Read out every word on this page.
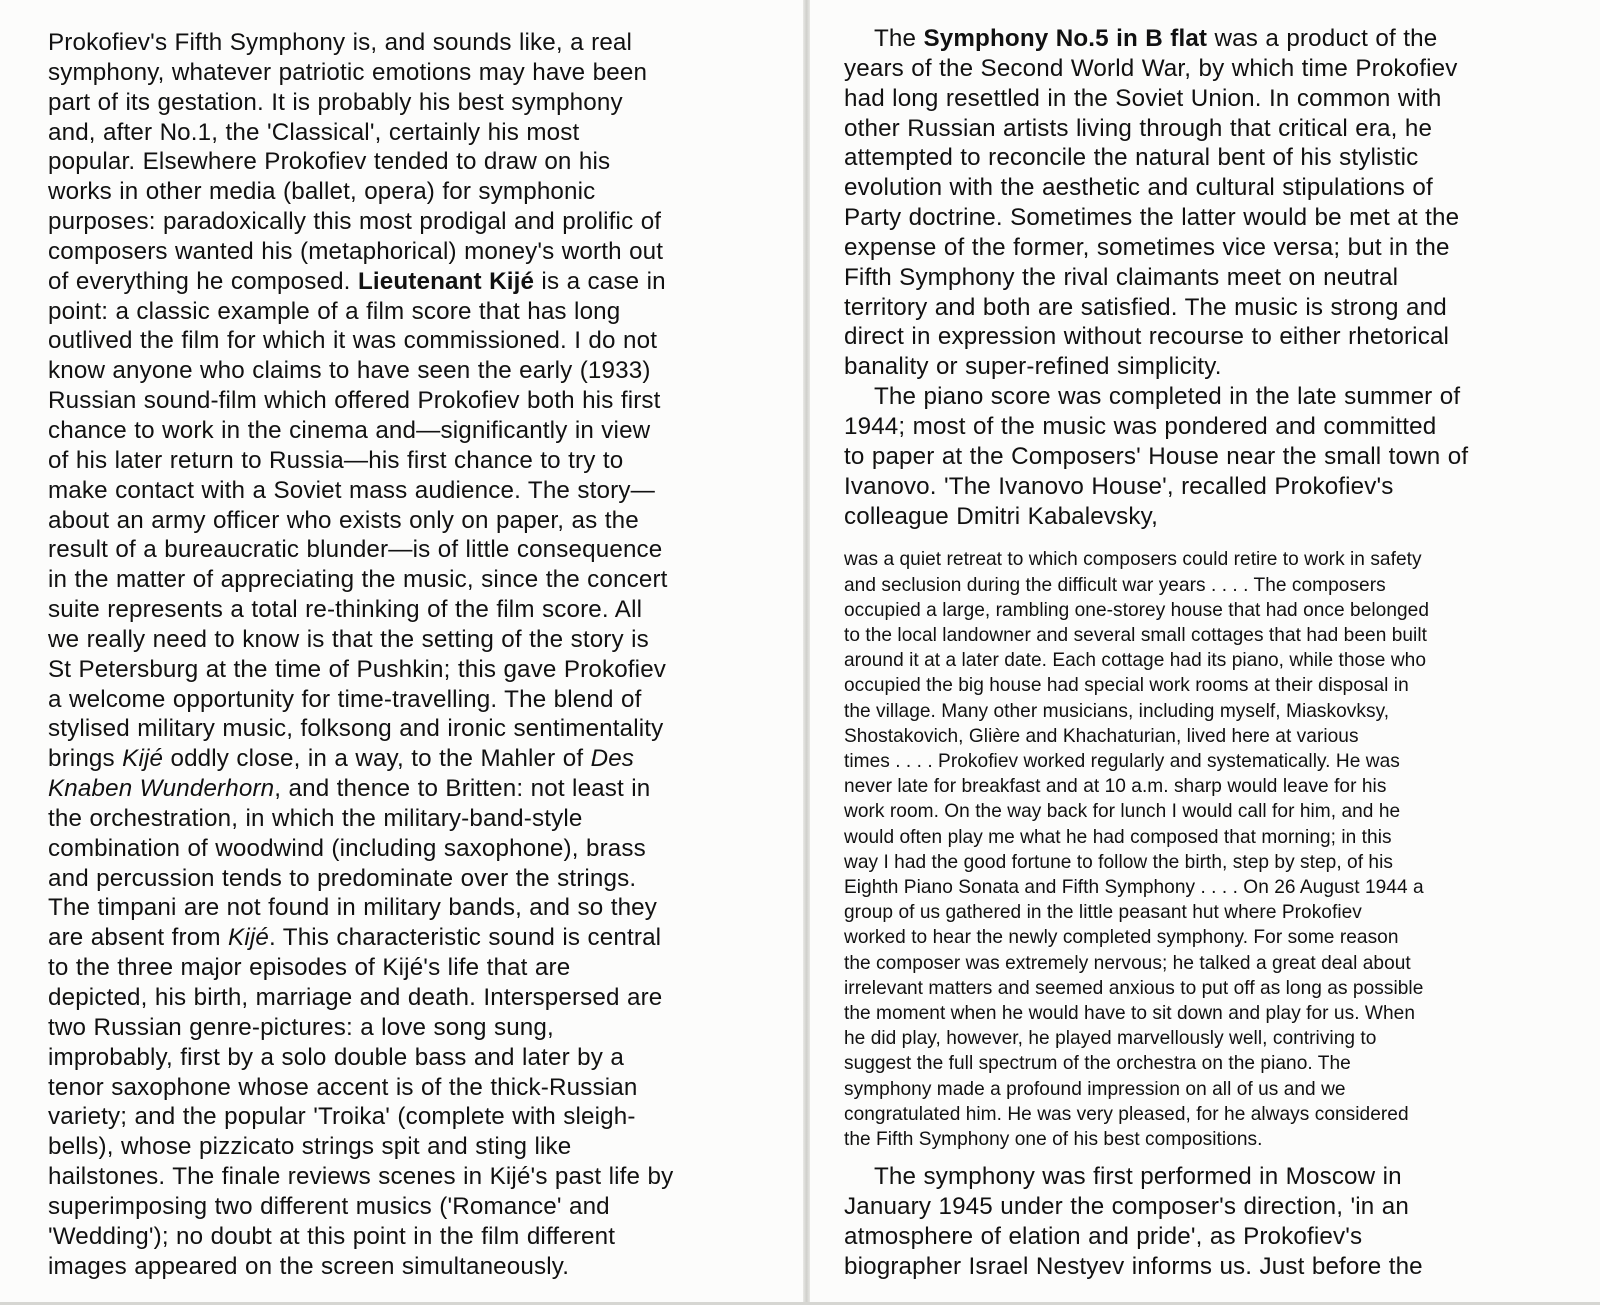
Prokofiev's Fifth Symphony is, and sounds like, a real
symphony, whatever patriotic emotions may have been
part of its gestation. It is probably his best symphony
and, after No.1, the 'Classical', certainly his most
popular. Elsewhere Prokofiev tended to draw on his
works in other media (ballet, opera) for symphonic
purposes: paradoxically this most prodigal and prolific of
composers wanted his (metaphorical) money's worth out
of everything he composed. Lieutenant Kijé is a case in
point: a classic example of a film score that has long
outlived the film for which it was commissioned. I do not
know anyone who claims to have seen the early (1933)
Russian sound-film which offered Prokofiev both his first
chance to work in the cinema and—significantly in view
of his later return to Russia—his first chance to try to
make contact with a Soviet mass audience. The story—
about an army officer who exists only on paper, as the
result of a bureaucratic blunder—is of little consequence
in the matter of appreciating the music, since the concert
suite represents a total re-thinking of the film score. All
we really need to know is that the setting of the story is
St Petersburg at the time of Pushkin; this gave Prokofiev
a welcome opportunity for time-travelling. The blend of
stylised military music, folksong and ironic sentimentality
brings Kijé oddly close, in a way, to the Mahler of Des
Knaben Wunderhorn, and thence to Britten: not least in
the orchestration, in which the military-band-style
combination of woodwind (including saxophone), brass
and percussion tends to predominate over the strings.
The timpani are not found in military bands, and so they
are absent from Kijé. This characteristic sound is central
to the three major episodes of Kijé's life that are
depicted, his birth, marriage and death. Interspersed are
two Russian genre-pictures: a love song sung,
improbably, first by a solo double bass and later by a
tenor saxophone whose accent is of the thick-Russian
variety; and the popular 'Troika' (complete with sleigh-
bells), whose pizzicato strings spit and sting like
hailstones. The finale reviews scenes in Kijé's past life by
superimposing two different musics ('Romance' and
'Wedding'); no doubt at this point in the film different
images appeared on the screen simultaneously.

The Symphony No.5 in B flat was a product of the
years of the Second World War, by which time Prokofiev
had long resettled in the Soviet Union. In common with
other Russian artists living through that critical era, he
attempted to reconcile the natural bent of his stylistic
evolution with the aesthetic and cultural stipulations of
Party doctrine. Sometimes the latter would be met at the
expense of the former, sometimes vice versa; but in the
Fifth Symphony the rival claimants meet on neutral
territory and both are satisfied. The music is strong and
direct in expression without recourse to either rhetorical
banality or super-refined simplicity.

The piano score was completed in the late summer of
1944; most of the music was pondered and committed
to paper at the Composers' House near the small town of
Ivanovo. 'The Ivanovo House', recalled Prokofiev's
colleague Dmitri Kabalevsky,

was a quiet retreat to which composers could retire to work in safety
and seclusion during the difficult war years . . . . The composers
occupied a large, rambling one-storey house that had once belonged
to the local landowner and several small cottages that had been built
around it at a later date. Each cottage had its piano, while those who
occupied the big house had special work rooms at their disposal in
the village. Many other musicians, including myself, Miaskovksy,
Shostakovich, Glière and Khachaturian, lived here at various
times . . . . Prokofiev worked regularly and systematically. He was
never late for breakfast and at 10 a.m. sharp would leave for his
work room. On the way back for lunch I would call for him, and he
would often play me what he had composed that morning; in this
way I had the good fortune to follow the birth, step by step, of his
Eighth Piano Sonata and Fifth Symphony . . . . On 26 August 1944 a
group of us gathered in the little peasant hut where Prokofiev
worked to hear the newly completed symphony. For some reason
the composer was extremely nervous; he talked a great deal about
irrelevant matters and seemed anxious to put off as long as possible
the moment when he would have to sit down and play for us. When
he did play, however, he played marvellously well, contriving to
suggest the full spectrum of the orchestra on the piano. The
symphony made a profound impression on all of us and we
congratulated him. He was very pleased, for he always considered
the Fifth Symphony one of his best compositions.

The symphony was first performed in Moscow in
January 1945 under the composer's direction, 'in an
atmosphere of elation and pride', as Prokofiev's
biographer Israel Nestyev informs us. Just before the
